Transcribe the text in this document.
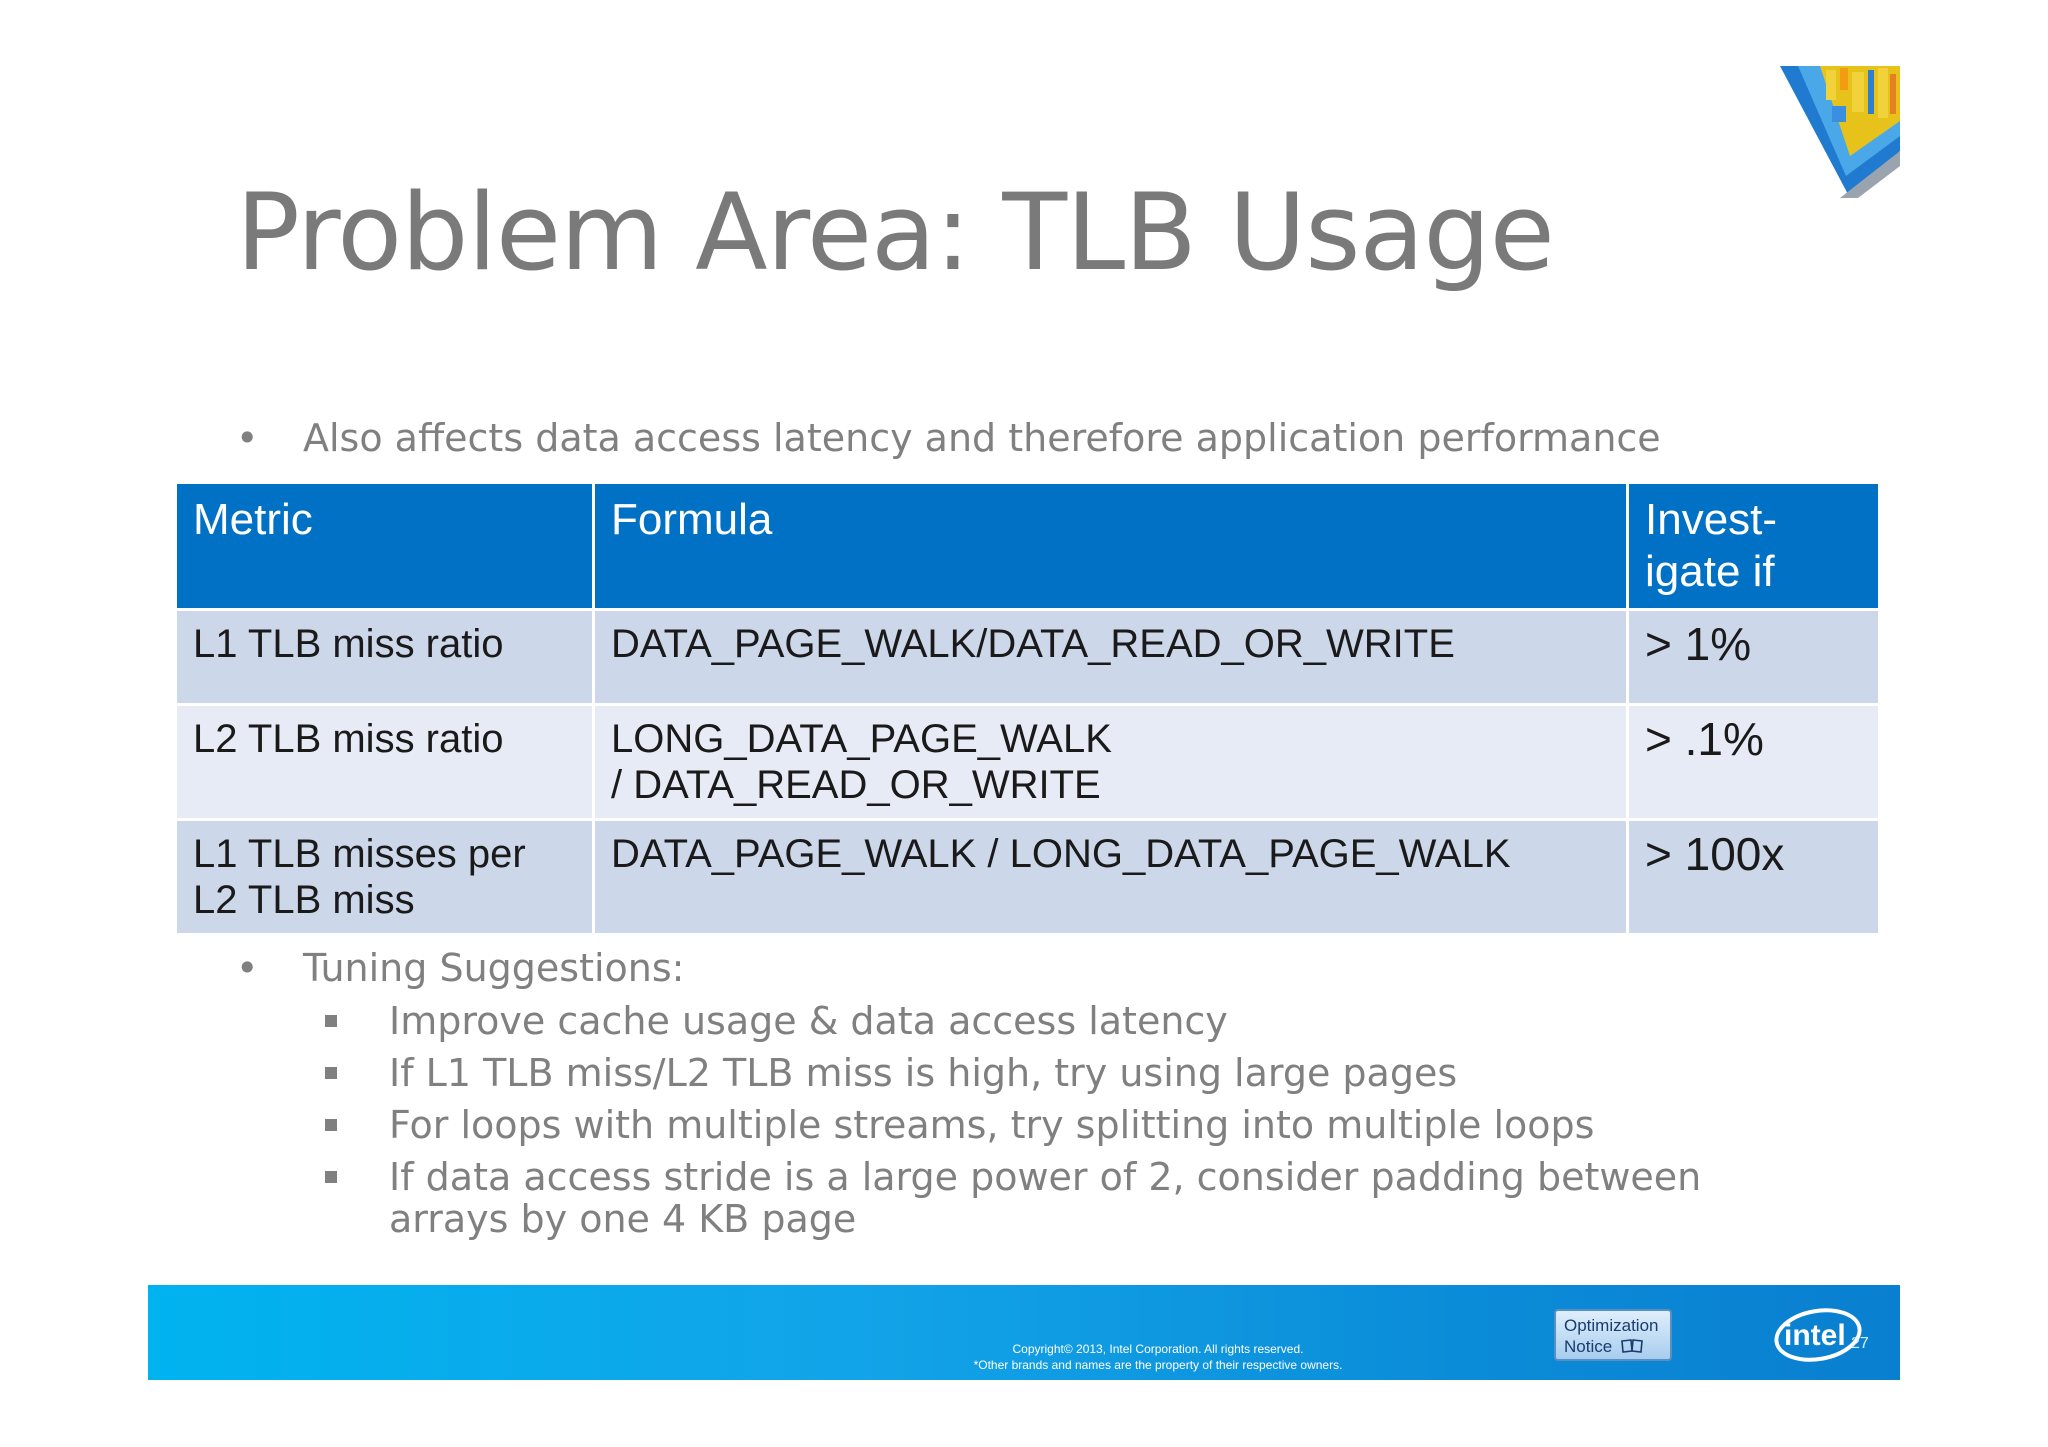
Problem Area: TLB Usage
• Also affects data access latency and therefore application performance
Metric	Formula	Invest-
igate if
L1 TLB miss ratio	DATA_PAGE_WALK/DATA_READ_OR_WRITE	> 1%
L2 TLB miss ratio	LONG_DATA_PAGE_WALK
/ DATA_READ_OR_WRITE	> .1%
L1 TLB misses per L2 TLB miss	DATA_PAGE_WALK / LONG_DATA_PAGE_WALK	> 100x
• Tuning Suggestions:
Improve cache usage & data access latency
If L1 TLB miss/L2 TLB miss is high, try using large pages
For loops with multiple streams, try splitting into multiple loops
If data access stride is a large power of 2, consider padding between arrays by one 4 KB page
Copyright© 2013, Intel Corporation. All rights reserved.
*Other brands and names are the property of their respective owners.
Optimization
Notice	intel 27
